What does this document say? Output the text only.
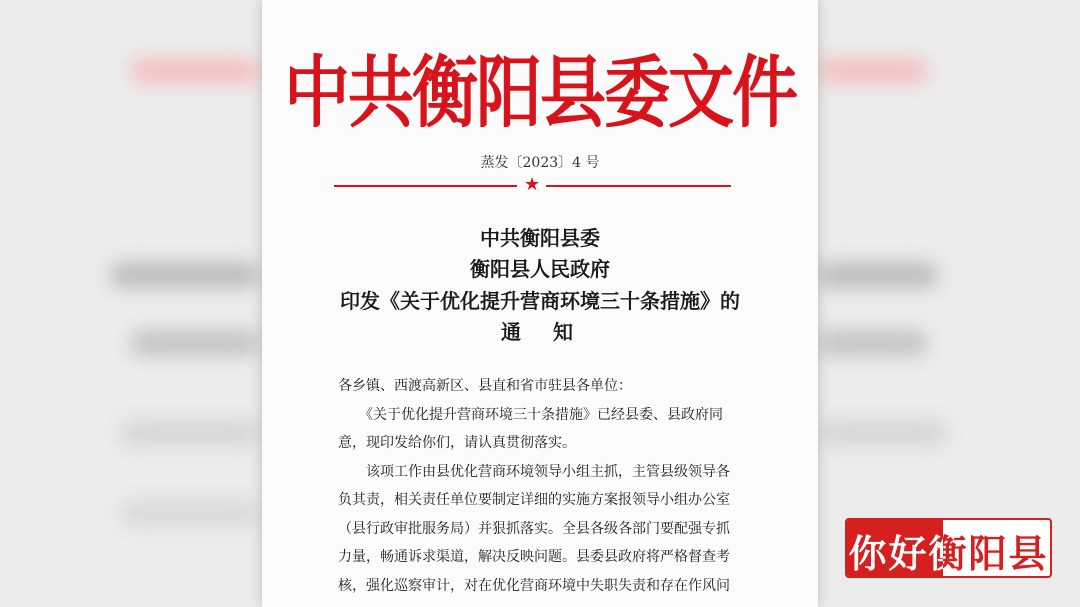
中共衡阳县委文件
蒸发〔2023〕4 号
★
中共衡阳县委
衡阳县人民政府
印发《关于优化提升营商环境三十条措施》的
通　知
各乡镇、西渡高新区、县直和省市驻县各单位：
　　《关于优化提升营商环境三十条措施》已经县委、县政府同
意，现印发给你们，请认真贯彻落实。
　　该项工作由县优化营商环境领导小组主抓，主管县级领导各
负其责，相关责任单位要制定详细的实施方案报领导小组办公室
（县行政审批服务局）并狠抓落实。全县各级各部门要配强专抓
力量，畅通诉求渠道，解决反映问题。县委县政府将严格督查考
核，强化巡察审计，对在优化营商环境中失职失责和存在作风问
你好衡阳县
